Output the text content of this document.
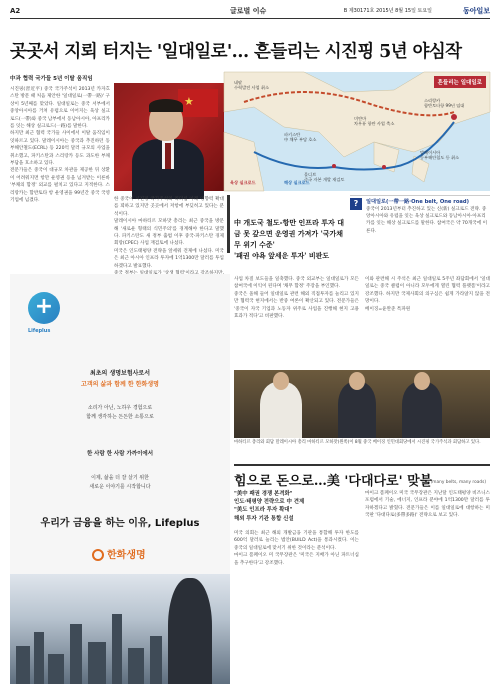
A2	글로벌 이슈	B 제30171호 2015년 8월 15일 토요일	동아일보
곳곳서 지뢰 터지는 '일대일로'… 흔들리는 시진핑 5년 야심작
中과 협력 국가들 5년 이탈 움직임
시진핑(習近平) 중국 국가주석이 2013년 카자흐스탄 방문 때 처음 제안한 '일대일로(一帶一路)' 구상이 5년째를 맞았다. 일대일로는 중국 서부에서 중앙아시아를 거쳐 유럽으로 이어지는 육상 실크로드(一帶)와 중국 남부에서 동남아시아, 아프리카를 잇는 해상 실크로드(一路)를 말한다.
하지만 최근 협력 국가들 사이에서 이탈 움직임이 잇따르고 있다. 말레이시아는 중국과 추진하던 동부해안철도(ECRL) 등 220억 달러 규모의 사업을 취소했고, 파키스탄과 스리랑카 등도 과도한 부채 부담을 호소하고 있다.
전문가들은 중국이 대규모 차관을 제공한 뒤 상환이 어려워지면 항만 운영권 등을 넘겨받는 이른바 '부채의 함정' 외교를 펼치고 있다고 지적한다. 스리랑카는 함반토타 항 운영권을 99년간 중국 국영기업에 넘겼다.
★
시진핑 중국 국가주석
흔들리는 일대일로
말레이시아
동부해안철도 등 취소
몰디브
중국 자본 개발 재검토
스리랑카
함반토타항 99년 임대
파키스탄
中 채무 부담 호소
미얀마
차우퓨 항만 사업 축소
네팔
수력발전 사업 취소
육상 실크로드	해상 실크로드
한 중국이 시진핑 국가주석의 리더십 아래 영향력 확대를 꾀하고 있지만 곳곳에서 저항에 부딪히고 있다는 분석이다.
말레이시아 마하티르 모하맛 총리는 최근 중국을 방문해 '새로운 형태의 식민주의'를 경계해야 한다고 말했다. 파키스탄도 새 정부 출범 이후 중국-파키스탄 경제회랑(CPEC) 사업 재검토에 나섰다.
미국은 인도태평양 전략을 앞세워 견제에 나섰다. 미국은 최근 아시아 인프라 투자에 1억1300만 달러를 투입하겠다고 발표했다.

中 개도국 철도-항만 인프라 투자 대금 못 갚으면 운영권 가져가 '국가채무 위기 수준'
'패권 야욕 앞세운 투자' 비판도

?	일대일로(一帶一路·One belt, One road)
중국이 2013년부터 추진하고 있는 신(新) 실크로드 전략. 중앙아시아와 유럽을 잇는 육상 실크로드와 동남아시아·아프리카를 잇는 해상 실크로드를 말한다. 참여국은 약 70개국에 이른다.
+
Lifeplus
최초의 생명보험사로서
고객의 삶과 함께 한 한화생명
소리가 아닌, 노하우 경험으로
함께 생각하는 든든한 소통으로
한 사람 한 사람 가까이에서
이제, 삶을 더 잘 살기 위한
새로운 이야기를 시작합니다
우리가 금융을 하는 이유, Lifeplus
한화생명
사업 차질 보도들을 일축했다. 중국 외교부는 일대일로가 모든 참여국에 이익이 된다며 '채무 함정' 주장을 부인했다.
중국은 올해 들어 일대일로 관련 해외 직접투자를 늘리고 있지만 협력국 현지에서는 반중 여론이 확산되고 있다. 전문가들은 '중국이 자국 기업과 노동자 위주로 사업을 진행해 현지 고용 효과가 적다'고 비판했다.
이와 관련해 시 주석은 최근 일대일로 5주년 좌담회에서 '일대일로는 중국 클럽이 아니라 모두에게 열린 협력 플랫폼'이라고 강조했다. 하지만 국제사회의 의구심은 쉽게 가라앉지 않을 전망이다.
베이징=윤완준 특파원
마하티르 총리와 회담 말레이시아 총리 마하티르 모하맛(왼쪽)이 8월 중국 베이징 인민대회당에서 시진핑 국가주석과 회담하고 있다.
힘으로 돈으로…美 '다대다로' 맞불
(many belts, many roads)
"美中 패권 경쟁 본격화"
인도·태평양 전략으로 中 견제
"美도 인프라 투자 확대"
해외 투자 기관 통합 신설
미국 의회는 최근 해외 개발금융 기관을 통합해 투자 한도를 600억 달러로 늘리는 법안(BUILD Act)을 통과시켰다. 이는 중국의 일대일로에 맞서기 위한 것이라는 분석이다.
마이크 폼페이오 미 국무장관은 '미국은 지배가 아닌 파트너십을 추구한다'고 강조했다.
마이크 폼페이오 미국 국무장관은 지난달 인도태평양 비즈니스 포럼에서 기술, 에너지, 인프라 분야에 1억1300만 달러를 투자하겠다고 밝혔다. 전문가들은 이를 일대일로에 대항하는 미국판 '다대다로(多帶多路)' 전략으로 보고 있다.
